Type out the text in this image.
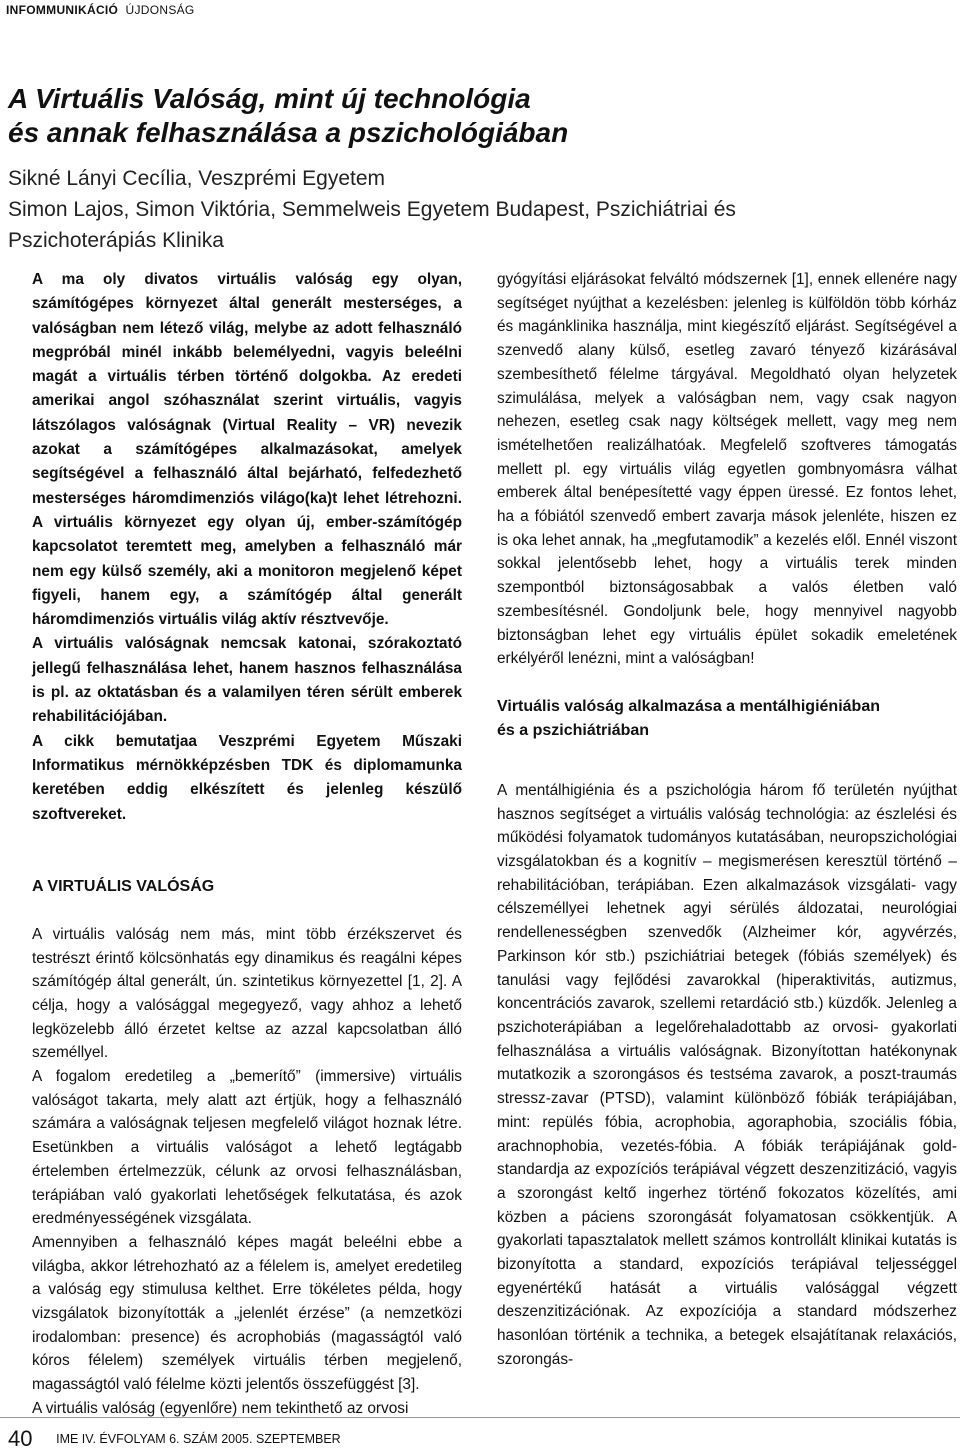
INFOMMUNIKÁCIÓ ÚJDONSÁG
A Virtuális Valóság, mint új technológia
és annak felhasználása a pszichológiában
Sikné Lányi Cecília, Veszprémi Egyetem
Simon Lajos, Simon Viktória, Semmelweis Egyetem Budapest, Pszichiátriai és
Pszichoterápiás Klinika

A ma oly divatos virtuális valóság egy olyan, számítógépes környezet által generált mesterséges, a valóságban nem létező világ, melybe az adott felhasználó megpróbál minél inkább belemélyedni, vagyis beleélni magát a virtuális térben történő dolgokba. Az eredeti amerikai angol szóhasználat szerint virtuális, vagyis látszólagos valóságnak (Virtual Reality – VR) nevezik azokat a számítógépes alkalmazásokat, amelyek segítségével a felhasználó által bejárható, felfedezhető mesterséges háromdimenziós világo(ka)t lehet létrehozni. A virtuális környezet egy olyan új, ember-számítógép kapcsolatot teremtett meg, amelyben a felhasználó már nem egy külső személy, aki a monitoron megjelenő képet figyeli, hanem egy, a számítógép által generált háromdimenziós virtuális világ aktív résztvevője.

A virtuális valóságnak nemcsak katonai, szórakoztató jellegű felhasználása lehet, hanem hasznos felhasználása is pl. az oktatásban és a valamilyen téren sérült emberek rehabilitációjában.

A cikk bemutatjaa Veszprémi Egyetem Műszaki Informatikus mérnökképzésben TDK és diplomamunka keretében eddig elkészített és jelenleg készülő szoftvereket.

A VIRTUÁLIS VALÓSÁG

A virtuális valóság nem más, mint több érzékszervet és testrészt érintő kölcsönhatás egy dinamikus és reagálni képes számítógép által generált, ún. szintetikus környezettel [1, 2]. A célja, hogy a valósággal megegyező, vagy ahhoz a lehető legközelebb álló érzetet keltse az azzal kapcsolatban álló személlyel.

A fogalom eredetileg a „bemerítő” (immersive) virtuális valóságot takarta, mely alatt azt értjük, hogy a felhasználó számára a valóságnak teljesen megfelelő világot hoznak létre. Esetünkben a virtuális valóságot a lehető legtágabb értelemben értelmezzük, célunk az orvosi felhasználásban, terápiában való gyakorlati lehetőségek felkutatása, és azok eredményességének vizsgálata.

Amennyiben a felhasználó képes magát beleélni ebbe a világba, akkor létrehozható az a félelem is, amelyet eredetileg a valóság egy stimulusa kelthet. Erre tökéletes példa, hogy vizsgálatok bizonyították a „jelenlét érzése” (a nemzetközi irodalomban: presence) és acrophobiás (magasságtól való kóros félelem) személyek virtuális térben megjelenő, magasságtól való félelme közti jelentős összefüggést [3].

A virtuális valóság (egyenlőre) nem tekinthető az orvosi

gyógyítási eljárásokat felváltó módszernek [1], ennek ellenére nagy segítséget nyújthat a kezelésben: jelenleg is külföldön több kórház és magánklinika használja, mint kiegészítő eljárást. Segítségével a szenvedő alany külső, esetleg zavaró tényező kizárásával szembesíthető félelme tárgyával. Megoldható olyan helyzetek szimulálása, melyek a valóságban nem, vagy csak nagyon nehezen, esetleg csak nagy költségek mellett, vagy meg nem ismételhetően realizálhatóak. Megfelelő szoftveres támogatás mellett pl. egy virtuális világ egyetlen gombnyomásra válhat emberek által benépesítetté vagy éppen üressé. Ez fontos lehet, ha a fóbiától szenvedő embert zavarja mások jelenléte, hiszen ez is oka lehet annak, ha „megfutamodik” a kezelés elől. Ennél viszont sokkal jelentősebb lehet, hogy a virtuális terek minden szempontból biztonságosabbak a valós életben való szembesítésnél. Gondoljunk bele, hogy mennyivel nagyobb biztonságban lehet egy virtuális épület sokadik emeletének erkélyéről lenézni, mint a valóságban!

Virtuális valóság alkalmazása a mentálhigiéniában
és a pszichiátriában

A mentálhigiénia és a pszichológia három fő területén nyújthat hasznos segítséget a virtuális valóság technológia: az észlelési és működési folyamatok tudományos kutatásában, neuropszichológiai vizsgálatokban és a kognitív – megismerésen keresztül történő – rehabilitációban, terápiában. Ezen alkalmazások vizsgálati- vagy célszeméllyei lehetnek agyi sérülés áldozatai, neurológiai rendellenességben szenvedők (Alzheimer kór, agyvérzés, Parkinson kór stb.) pszichiátriai betegek (fóbiás személyek) és tanulási vagy fejlődési zavarokkal (hiperaktivitás, autizmus, koncentrációs zavarok, szellemi retardáció stb.) küzdők. Jelenleg a pszichoterápiában a legelőrehaladottabb az orvosi- gyakorlati felhasználása a virtuális valóságnak. Bizonyítottan hatékonynak mutatkozik a szorongásos és testséma zavarok, a poszt-traumás stressz-zavar (PTSD), valamint különböző fóbiák terápiájában, mint: repülés fóbia, acrophobia, agoraphobia, szociális fóbia, arachnophobia, vezetés-fóbia. A fóbiák terápiájának gold-standardja az expozíciós terápiával végzett deszenzitizáció, vagyis a szorongást keltő ingerhez történő fokozatos közelítés, ami közben a páciens szorongását folyamatosan csökkentjük. A gyakorlati tapasztalatok mellett számos kontrollált klinikai kutatás is bizonyította a standard, expozíciós terápiával teljességgel egyenértékű hatását a virtuális valósággal végzett deszenzitizációnak. Az expozíciója a standard módszerhez hasonlóan történik a technika, a betegek elsajátítanak relaxációs, szorongás-

40 IME IV. ÉVFOLYAM 6. SZÁM 2005. SZEPTEMBER
